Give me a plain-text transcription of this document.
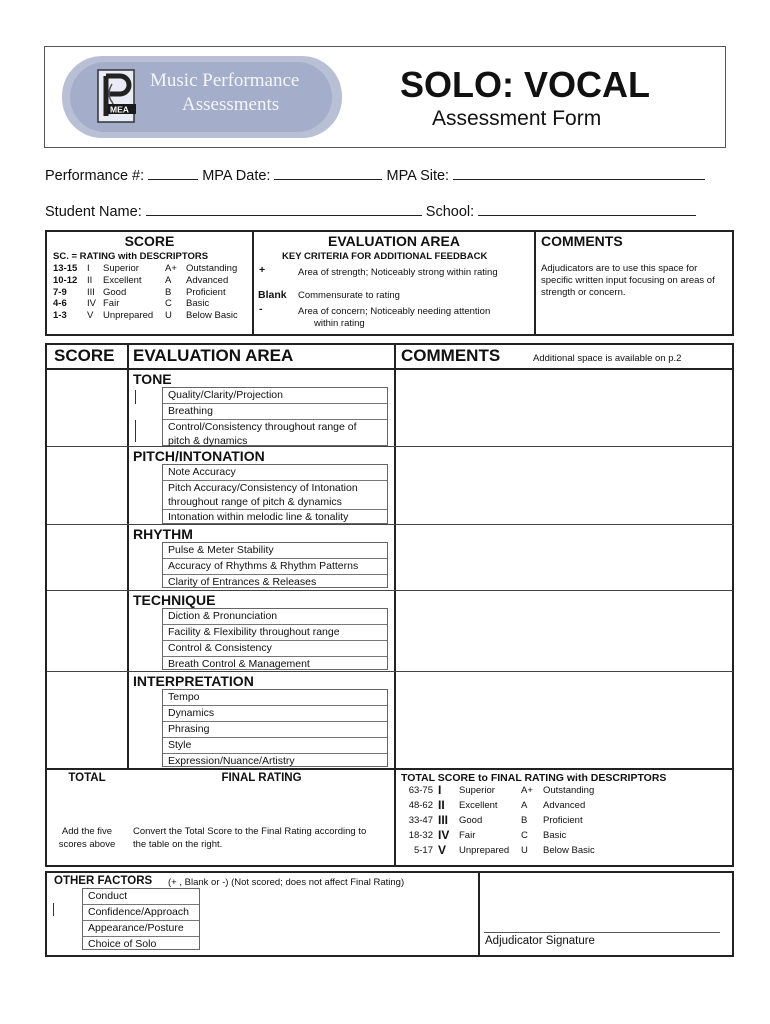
MEA
Music Performance
Assessments	SOLO: VOCAL
Assessment Form
Performance #:	MPA Date:	MPA Site:
Student Name:	School:
SCORE
SC. = RATING with DESCRIPTORS
13-15 I Superior	A+ Outstanding
10-12 II Excellent A Advanced
7-9 III Good	B Proficient
4-6 IV Fair	C Basic
1-3 V Unprepared U Below Basic
EVALUATION AREA
KEY CRITERIA FOR ADDITIONAL FEEDBACK
+	Area of strength; Noticeably strong within rating
Blank Commensurate to rating
-	Area of concern; Noticeably needing attention
within rating
COMMENTS
Adjudicators are to use this space for
specific written input focusing on areas of
strength or concern.
SCORE EVALUATION AREA	COMMENTS	Additional space is available on p.2
TONE
Quality/Clarity/Projection
Breathing
Control/Consistency throughout range of
pitch & dynamics
PITCH/INTONATION
Note Accuracy
Pitch Accuracy/Consistency of Intonation
throughout range of pitch & dynamics
Intonation within melodic line & tonality
RHYTHM
Pulse & Meter Stability
Accuracy of Rhythms & Rhythm Patterns
Clarity of Entrances & Releases
TECHNIQUE
Diction & Pronunciation
Facility & Flexibility throughout range
Control & Consistency
Breath Control & Management
INTERPRETATION
Tempo
Dynamics
Phrasing
Style
Expression/Nuance/Artistry
TOTAL	FINAL RATING
Add the five
scores above
Convert the Total Score to the Final Rating according to
the table on the right.
TOTAL SCORE to FINAL RATING with DESCRIPTORS
63-75 I Superior	A+ Outstanding
48-62 II Excellent A Advanced
33-47 III Good	B Proficient
18-32 IV Fair	C Basic
5-17 V Unprepared U Below Basic
OTHER FACTORS (+ , Blank or -) (Not scored; does not affect Final Rating)
Conduct
Confidence/Approach
Appearance/Posture
Choice of Solo	Adjudicator Signature
